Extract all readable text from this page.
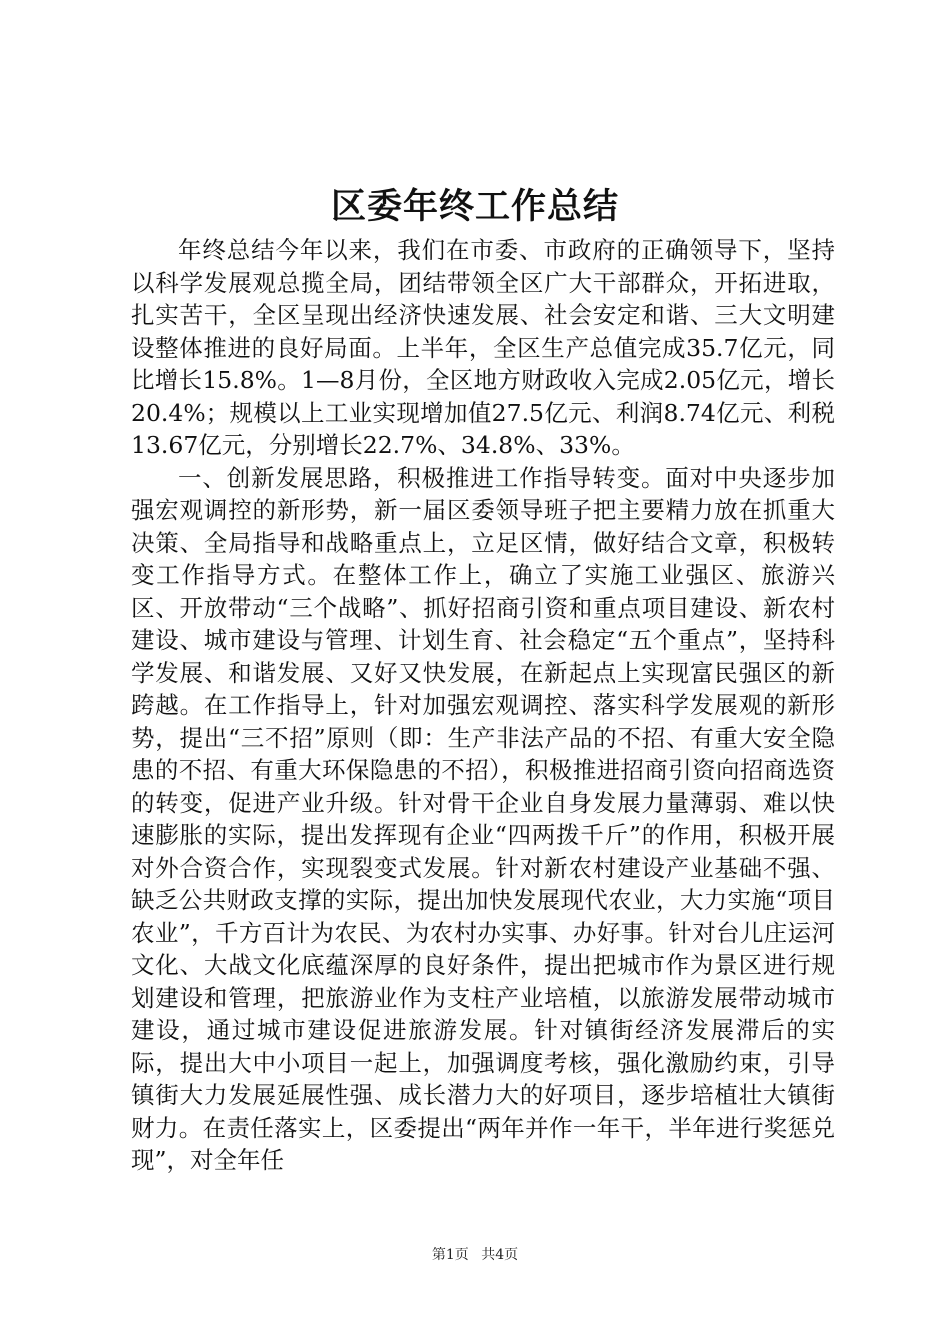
区委年终工作总结

年终总结今年以来，我们在市委、市政府的正确领导下，坚持以科学发展观总揽全局，团结带领全区广大干部群众，开拓进取，扎实苦干，全区呈现出经济快速发展、社会安定和谐、三大文明建设整体推进的良好局面。上半年，全区生产总值完成35.7亿元，同比增长15.8%。1—8月份，全区地方财政收入完成2.05亿元，增长20.4%；规模以上工业实现增加值27.5亿元、利润8.74亿元、利税13.67亿元，分别增长22.7%、34.8%、33%。

一、创新发展思路，积极推进工作指导转变。面对中央逐步加强宏观调控的新形势，新一届区委领导班子把主要精力放在抓重大决策、全局指导和战略重点上，立足区情，做好结合文章，积极转变工作指导方式。在整体工作上，确立了实施工业强区、旅游兴区、开放带动“三个战略”、抓好招商引资和重点项目建设、新农村建设、城市建设与管理、计划生育、社会稳定“五个重点”，坚持科学发展、和谐发展、又好又快发展，在新起点上实现富民强区的新跨越。在工作指导上，针对加强宏观调控、落实科学发展观的新形势，提出“三不招”原则（即：生产非法产品的不招、有重大安全隐患的不招、有重大环保隐患的不招），积极推进招商引资向招商选资的转变，促进产业升级。针对骨干企业自身发展力量薄弱、难以快速膨胀的实际，提出发挥现有企业“四两拨千斤”的作用，积极开展对外合资合作，实现裂变式发展。针对新农村建设产业基础不强、缺乏公共财政支撑的实际，提出加快发展现代农业，大力实施“项目农业”，千方百计为农民、为农村办实事、办好事。针对台儿庄运河文化、大战文化底蕴深厚的良好条件，提出把城市作为景区进行规划建设和管理，把旅游业作为支柱产业培植，以旅游发展带动城市建设，通过城市建设促进旅游发展。针对镇街经济发展滞后的实际，提出大中小项目一起上，加强调度考核，强化激励约束，引导镇街大力发展延展性强、成长潜力大的好项目，逐步培植壮大镇街财力。在责任落实上，区委提出“两年并作一年干，半年进行奖惩兑现”，对全年任

第1页 共4页
